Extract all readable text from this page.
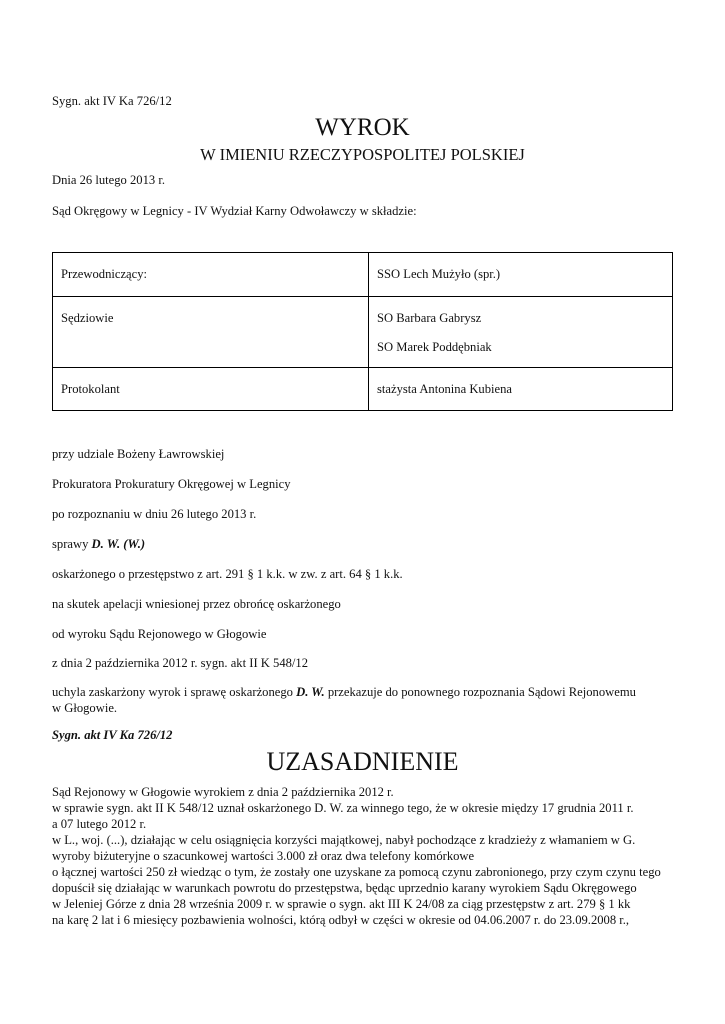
Sygn. akt IV Ka 726/12
WYROK
W IMIENIU RZECZYPOSPOLITEJ POLSKIEJ
Dnia 26 lutego 2013 r.
Sąd Okręgowy w Legnicy - IV Wydział Karny Odwoławczy w składzie:
Przewodniczący:	SSO Lech Mużyło (spr.)
Sędziowie	SO Barbara Gabrysz
SO Marek Poddębniak

Protokolant	stażysta Antonina Kubiena
przy udziale Bożeny Ławrowskiej
Prokuratora Prokuratury Okręgowej w Legnicy
po rozpoznaniu w dniu 26 lutego 2013 r.
sprawy D. W. (W.)
oskarżonego o przestępstwo z art. 291 § 1 k.k. w zw. z art. 64 § 1 k.k.
na skutek apelacji wniesionej przez obrońcę oskarżonego
od wyroku Sądu Rejonowego w Głogowie
z dnia 2 października 2012 r. sygn. akt II K 548/12
uchyla zaskarżony wyrok i sprawę oskarżonego D. W. przekazuje do ponownego rozpoznania Sądowi Rejonowemu
w Głogowie.
Sygn. akt IV Ka 726/12
UZASADNIENIE
Sąd Rejonowy w Głogowie wyrokiem z dnia 2 października 2012 r.
w sprawie sygn. akt II K 548/12 uznał oskarżonego D. W. za winnego tego, że w okresie między 17 grudnia 2011 r.
a 07 lutego 2012 r.
w L., woj. (...), działając w celu osiągnięcia korzyści majątkowej, nabył pochodzące z kradzieży z włamaniem w G.
wyroby biżuteryjne o szacunkowej wartości 3.000 zł oraz dwa telefony komórkowe
o łącznej wartości 250 zł wiedząc o tym, że zostały one uzyskane za pomocą czynu zabronionego, przy czym czynu tego
dopuścił się działając w warunkach powrotu do przestępstwa, będąc uprzednio karany wyrokiem Sądu Okręgowego
w Jeleniej Górze z dnia 28 września 2009 r. w sprawie o sygn. akt III K 24/08 za ciąg przestępstw z art. 279 § 1 kk
na karę 2 lat i 6 miesięcy pozbawienia wolności, którą odbył w części w okresie od 04.06.2007 r. do 23.09.2008 r.,
